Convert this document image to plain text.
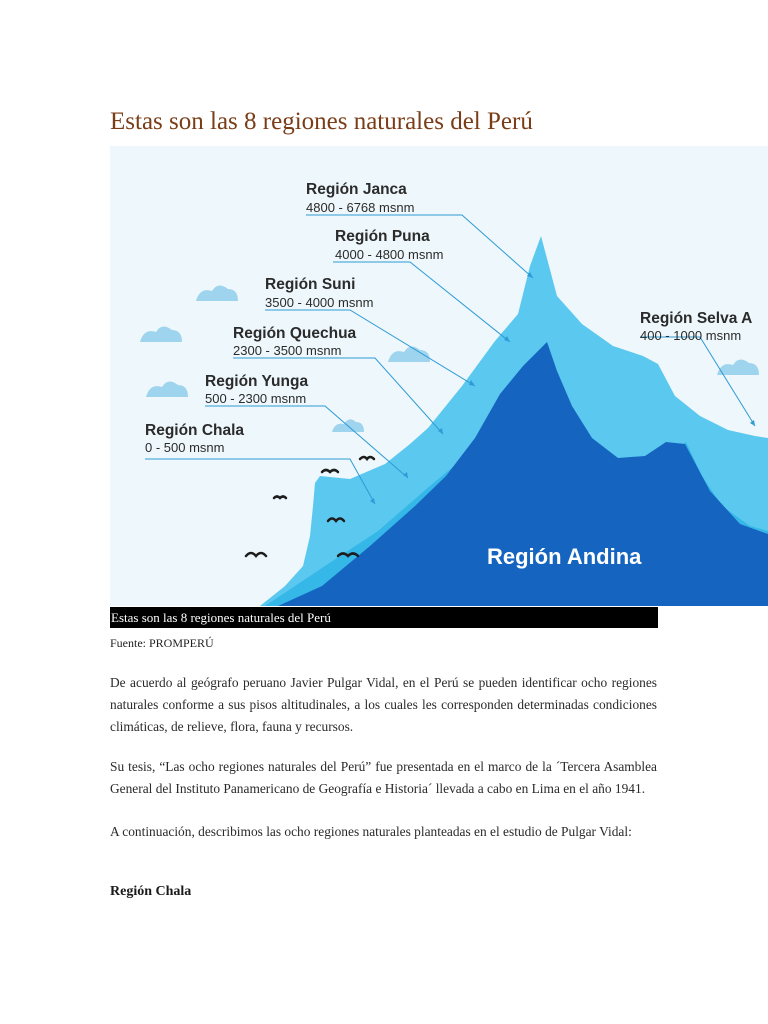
Estas son las 8 regiones naturales del Perú
Región Janca
4800 - 6768 msnm
Región Puna
4000 - 4800 msnm
Región Suni
3500 - 4000 msnm
Región Quechua
2300 - 3500 msnm
Región Yunga
500 - 2300 msnm
Región Chala
0 - 500 msnm
Región Selva A
400 - 1000 msnm
Región Andina
Estas son las 8 regiones naturales del Perú
Fuente: PROMPERÚ

De acuerdo al geógrafo peruano Javier Pulgar Vidal, en el Perú se pueden identificar ocho regiones naturales conforme a sus pisos altitudinales, a los cuales les corresponden determinadas condiciones climáticas, de relieve, flora, fauna y recursos.

Su tesis, “Las ocho regiones naturales del Perú” fue presentada en el marco de la ´Tercera Asamblea General del Instituto Panamericano de Geografía e Historia´ llevada a cabo en Lima en el año 1941.

A continuación, describimos las ocho regiones naturales planteadas en el estudio de Pulgar Vidal:

Región Chala
